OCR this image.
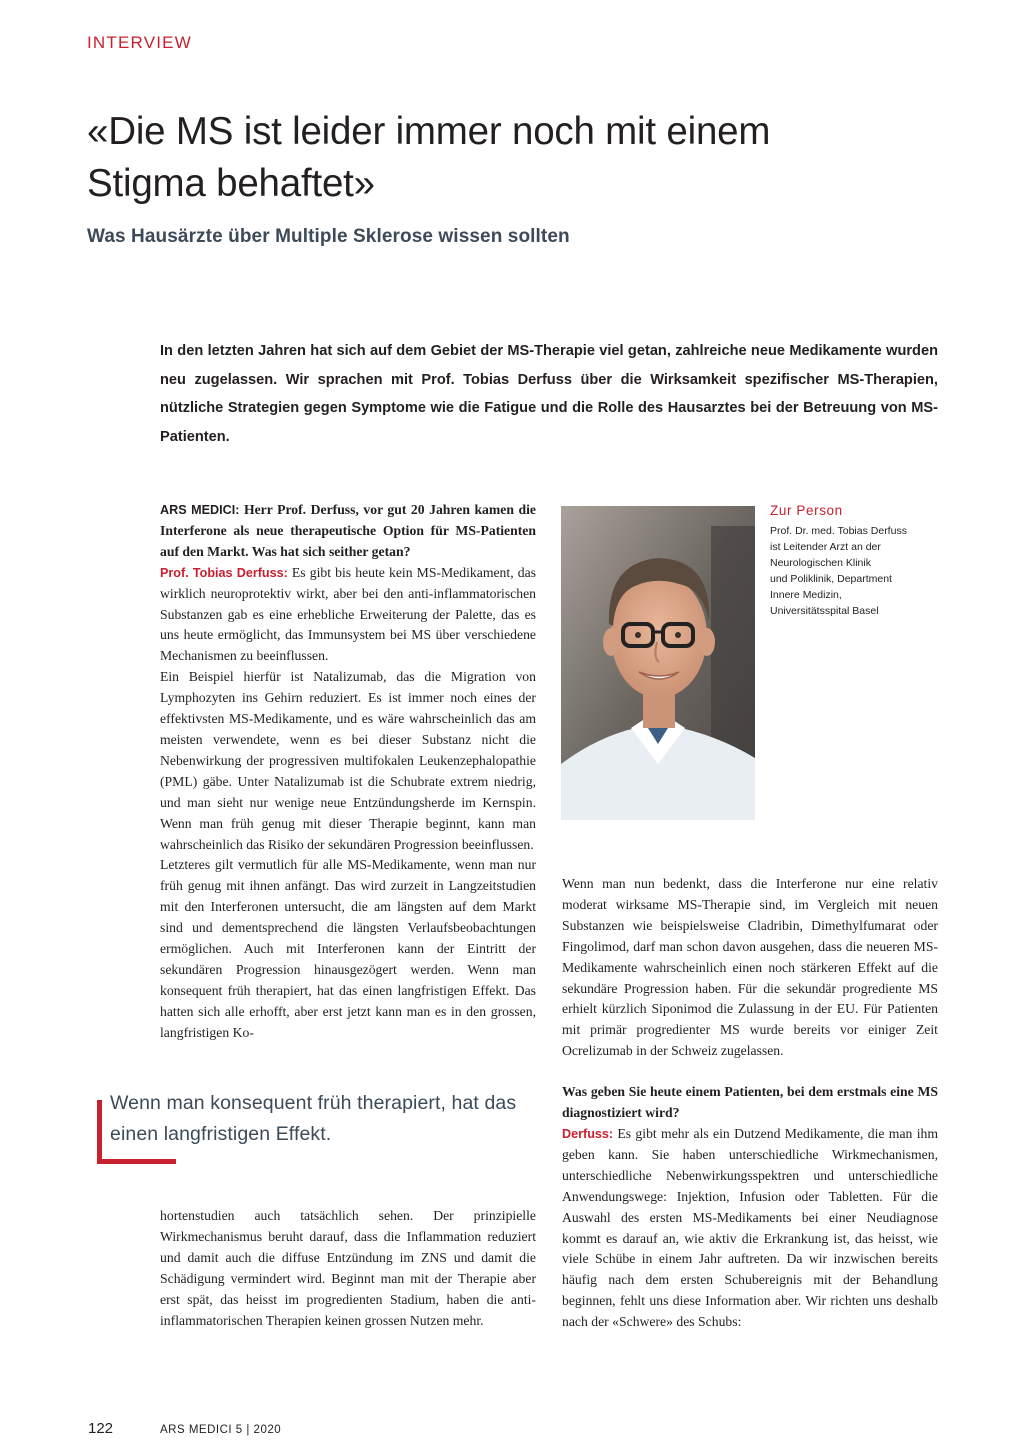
INTERVIEW
«Die MS ist leider immer noch mit einem Stigma behaftet»
Was Hausärzte über Multiple Sklerose wissen sollten

In den letzten Jahren hat sich auf dem Gebiet der MS-Therapie viel getan, zahlreiche neue Medikamente wurden neu zugelassen. Wir sprachen mit Prof. Tobias Derfuss über die Wirksamkeit spezifischer MS-Therapien, nützliche Strategien gegen Symptome wie die Fatigue und die Rolle des Hausarztes bei der Betreuung von MS-Patienten.

ARS MEDICI: Herr Prof. Derfuss, vor gut 20 Jahren kamen die Interferone als neue therapeutische Option für MS-Patienten auf den Markt. Was hat sich seither getan?

Prof. Tobias Derfuss: Es gibt bis heute kein MS-Medikament, das wirklich neuroprotektiv wirkt, aber bei den anti-inflammatorischen Substanzen gab es eine erhebliche Erweiterung der Palette, das es uns heute ermöglicht, das Immunsystem bei MS über verschiedene Mechanismen zu beeinflussen.

Ein Beispiel hierfür ist Natalizumab, das die Migration von Lymphozyten ins Gehirn reduziert. Es ist immer noch eines der effektivsten MS-Medikamente, und es wäre wahrscheinlich das am meisten verwendete, wenn es bei dieser Substanz nicht die Nebenwirkung der progressiven multifokalen Leukenzephalopathie (PML) gäbe. Unter Natalizumab ist die Schubrate extrem niedrig, und man sieht nur wenige neue Entzündungsherde im Kernspin. Wenn man früh genug mit dieser Therapie beginnt, kann man wahrscheinlich das Risiko der sekundären Progression beeinflussen.

Letzteres gilt vermutlich für alle MS-Medikamente, wenn man nur früh genug mit ihnen anfängt. Das wird zurzeit in Langzeitstudien mit den Interferonen untersucht, die am längsten auf dem Markt sind und dementsprechend die längsten Verlaufsbeobachtungen ermöglichen. Auch mit Interferonen kann der Eintritt der sekundären Progression hinausgezögert werden. Wenn man konsequent früh therapiert, hat das einen langfristigen Effekt. Das hatten sich alle erhofft, aber erst jetzt kann man es in den grossen, langfristigen Ko-

Zur Person
Prof. Dr. med. Tobias Derfuss
ist Leitender Arzt an der
Neurologischen Klinik
und Poliklinik, Department
Innere Medizin,
Universitätsspital Basel
Wenn man konsequent früh therapiert, hat das einen langfristigen Effekt.

hortenstudien auch tatsächlich sehen. Der prinzipielle Wirkmechanismus beruht darauf, dass die Inflammation reduziert und damit auch die diffuse Entzündung im ZNS und damit die Schädigung vermindert wird. Beginnt man mit der Therapie aber erst spät, das heisst im progredienten Stadium, haben die anti-inflammatorischen Therapien keinen grossen Nutzen mehr.

Wenn man nun bedenkt, dass die Interferone nur eine relativ moderat wirksame MS-Therapie sind, im Vergleich mit neuen Substanzen wie beispielsweise Cladribin, Dimethylfumarat oder Fingolimod, darf man schon davon ausgehen, dass die neueren MS-Medikamente wahrscheinlich einen noch stärkeren Effekt auf die sekundäre Progression haben. Für die sekundär progrediente MS erhielt kürzlich Siponimod die Zulassung in der EU. Für Patienten mit primär progredienter MS wurde bereits vor einiger Zeit Ocrelizumab in der Schweiz zugelassen.

Was geben Sie heute einem Patienten, bei dem erstmals eine MS diagnostiziert wird?

Derfuss: Es gibt mehr als ein Dutzend Medikamente, die man ihm geben kann. Sie haben unterschiedliche Wirkmechanismen, unterschiedliche Nebenwirkungsspektren und unterschiedliche Anwendungswege: Injektion, Infusion oder Tabletten. Für die Auswahl des ersten MS-Medikaments bei einer Neudiagnose kommt es darauf an, wie aktiv die Erkrankung ist, das heisst, wie viele Schübe in einem Jahr auftreten. Da wir inzwischen bereits häufig nach dem ersten Schubereignis mit der Behandlung beginnen, fehlt uns diese Information aber. Wir richten uns deshalb nach der «Schwere» des Schubs:

122	ARS MEDICI 5 | 2020
